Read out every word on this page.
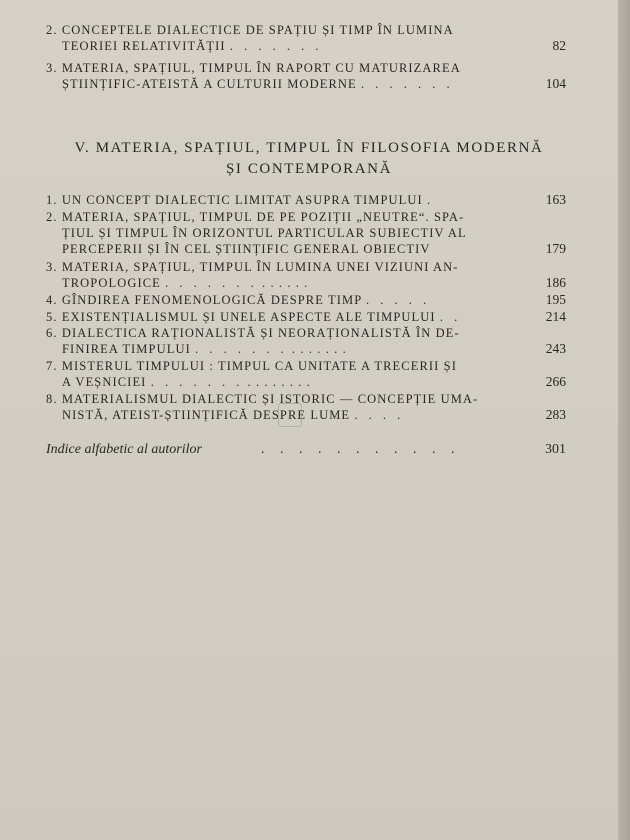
2. CONCEPTELE DIALECTICE DE SPAȚIU ȘI TIMP ÎN LUMINA
TEORIEI RELATIVITĂȚII . . . . . . .	82
3. MATERIA, SPAȚIUL, TIMPUL ÎN RAPORT CU MATURIZAREA
ȘTIINȚIFIC-ATEISTĂ A CULTURII MODERNE . . . . . . .	104
V. MATERIA, SPAȚIUL, TIMPUL ÎN FILOSOFIA MODERNĂ
ȘI CONTEMPORANĂ
1. UN CONCEPT DIALECTIC LIMITAT ASUPRA TIMPULUI .	163
2. MATERIA, SPAȚIUL, TIMPUL DE PE POZIȚII „NEUTRE“. SPA-
ȚIUL ȘI TIMPUL ÎN ORIZONTUL PARTICULAR SUBIECTIV AL
PERCEPERII ȘI ÎN CEL ȘTIINȚIFIC GENERAL OBIECTIV	179
3. MATERIA, SPAȚIUL, TIMPUL ÎN LUMINA UNEI VIZIUNI AN-
TROPOLOGICE . . . . . . . . . . . . .	186
4. GÎNDIREA FENOMENOLOGICĂ DESPRE TIMP . . . . .	195
5. EXISTENȚIALISMUL ȘI UNELE ASPECTE ALE TIMPULUI . .	214
6. DIALECTICA RAȚIONALISTĂ ȘI NEORAȚIONALISTĂ ÎN DE-
FINIREA TIMPULUI . . . . . . . . . . . . . .	243
7. MISTERUL TIMPULUI : TIMPUL CA UNITATE A TRECERII ȘI
A VEȘNICIEI . . . . . . . . . . . . . . .	266
8. MATERIALISMUL DIALECTIC ȘI ISTORIC — CONCEPȚIE UMA-
NISTĂ, ATEIST-ȘTIINȚIFICĂ DESPRE LUME . . . .	283
Indice alfabetic al autorilor	. . . . . . . . . . .	301
